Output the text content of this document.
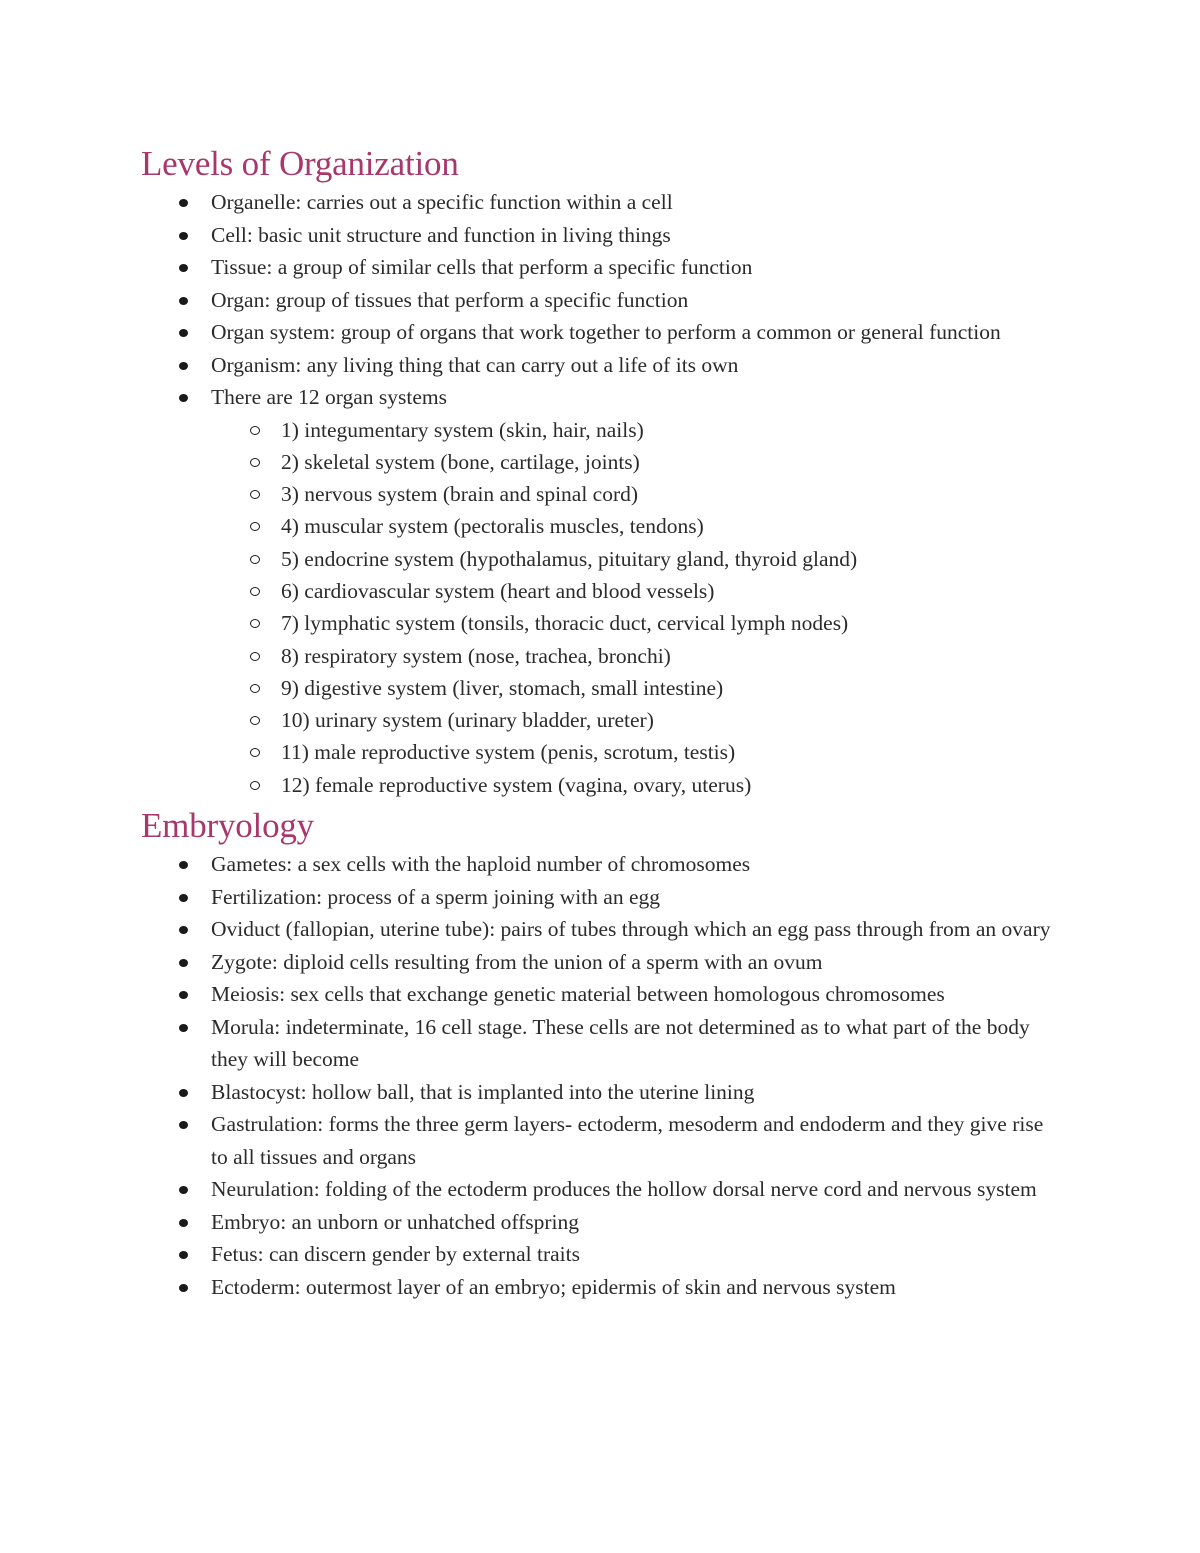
Levels of Organization
Organelle: carries out a specific function within a cell
Cell: basic unit structure and function in living things
Tissue: a group of similar cells that perform a specific function
Organ: group of tissues that perform a specific function
Organ system: group of organs that work together to perform a common or general function
Organism: any living thing that can carry out a life of its own
There are 12 organ systems
1) integumentary system (skin, hair, nails)
2) skeletal system (bone, cartilage, joints)
3) nervous system (brain and spinal cord)
4) muscular system (pectoralis muscles, tendons)
5) endocrine system (hypothalamus, pituitary gland, thyroid gland)
6) cardiovascular system (heart and blood vessels)
7) lymphatic system (tonsils, thoracic duct, cervical lymph nodes)
8) respiratory system (nose, trachea, bronchi)
9) digestive system (liver, stomach, small intestine)
10) urinary system (urinary bladder, ureter)
11) male reproductive system (penis, scrotum, testis)
12) female reproductive system (vagina, ovary, uterus)
Embryology
Gametes: a sex cells with the haploid number of chromosomes
Fertilization: process of a sperm joining with an egg
Oviduct (fallopian, uterine tube): pairs of tubes through which an egg pass through from an ovary
Zygote: diploid cells resulting from the union of a sperm with an ovum
Meiosis: sex cells that exchange genetic material between homologous chromosomes
Morula: indeterminate, 16 cell stage. These cells are not determined as to what part of the body they will become
Blastocyst: hollow ball, that is implanted into the uterine lining
Gastrulation: forms the three germ layers- ectoderm, mesoderm and endoderm and they give rise to all tissues and organs
Neurulation: folding of the ectoderm produces the hollow dorsal nerve cord and nervous system
Embryo: an unborn or unhatched offspring
Fetus: can discern gender by external traits
Ectoderm: outermost layer of an embryo; epidermis of skin and nervous system
